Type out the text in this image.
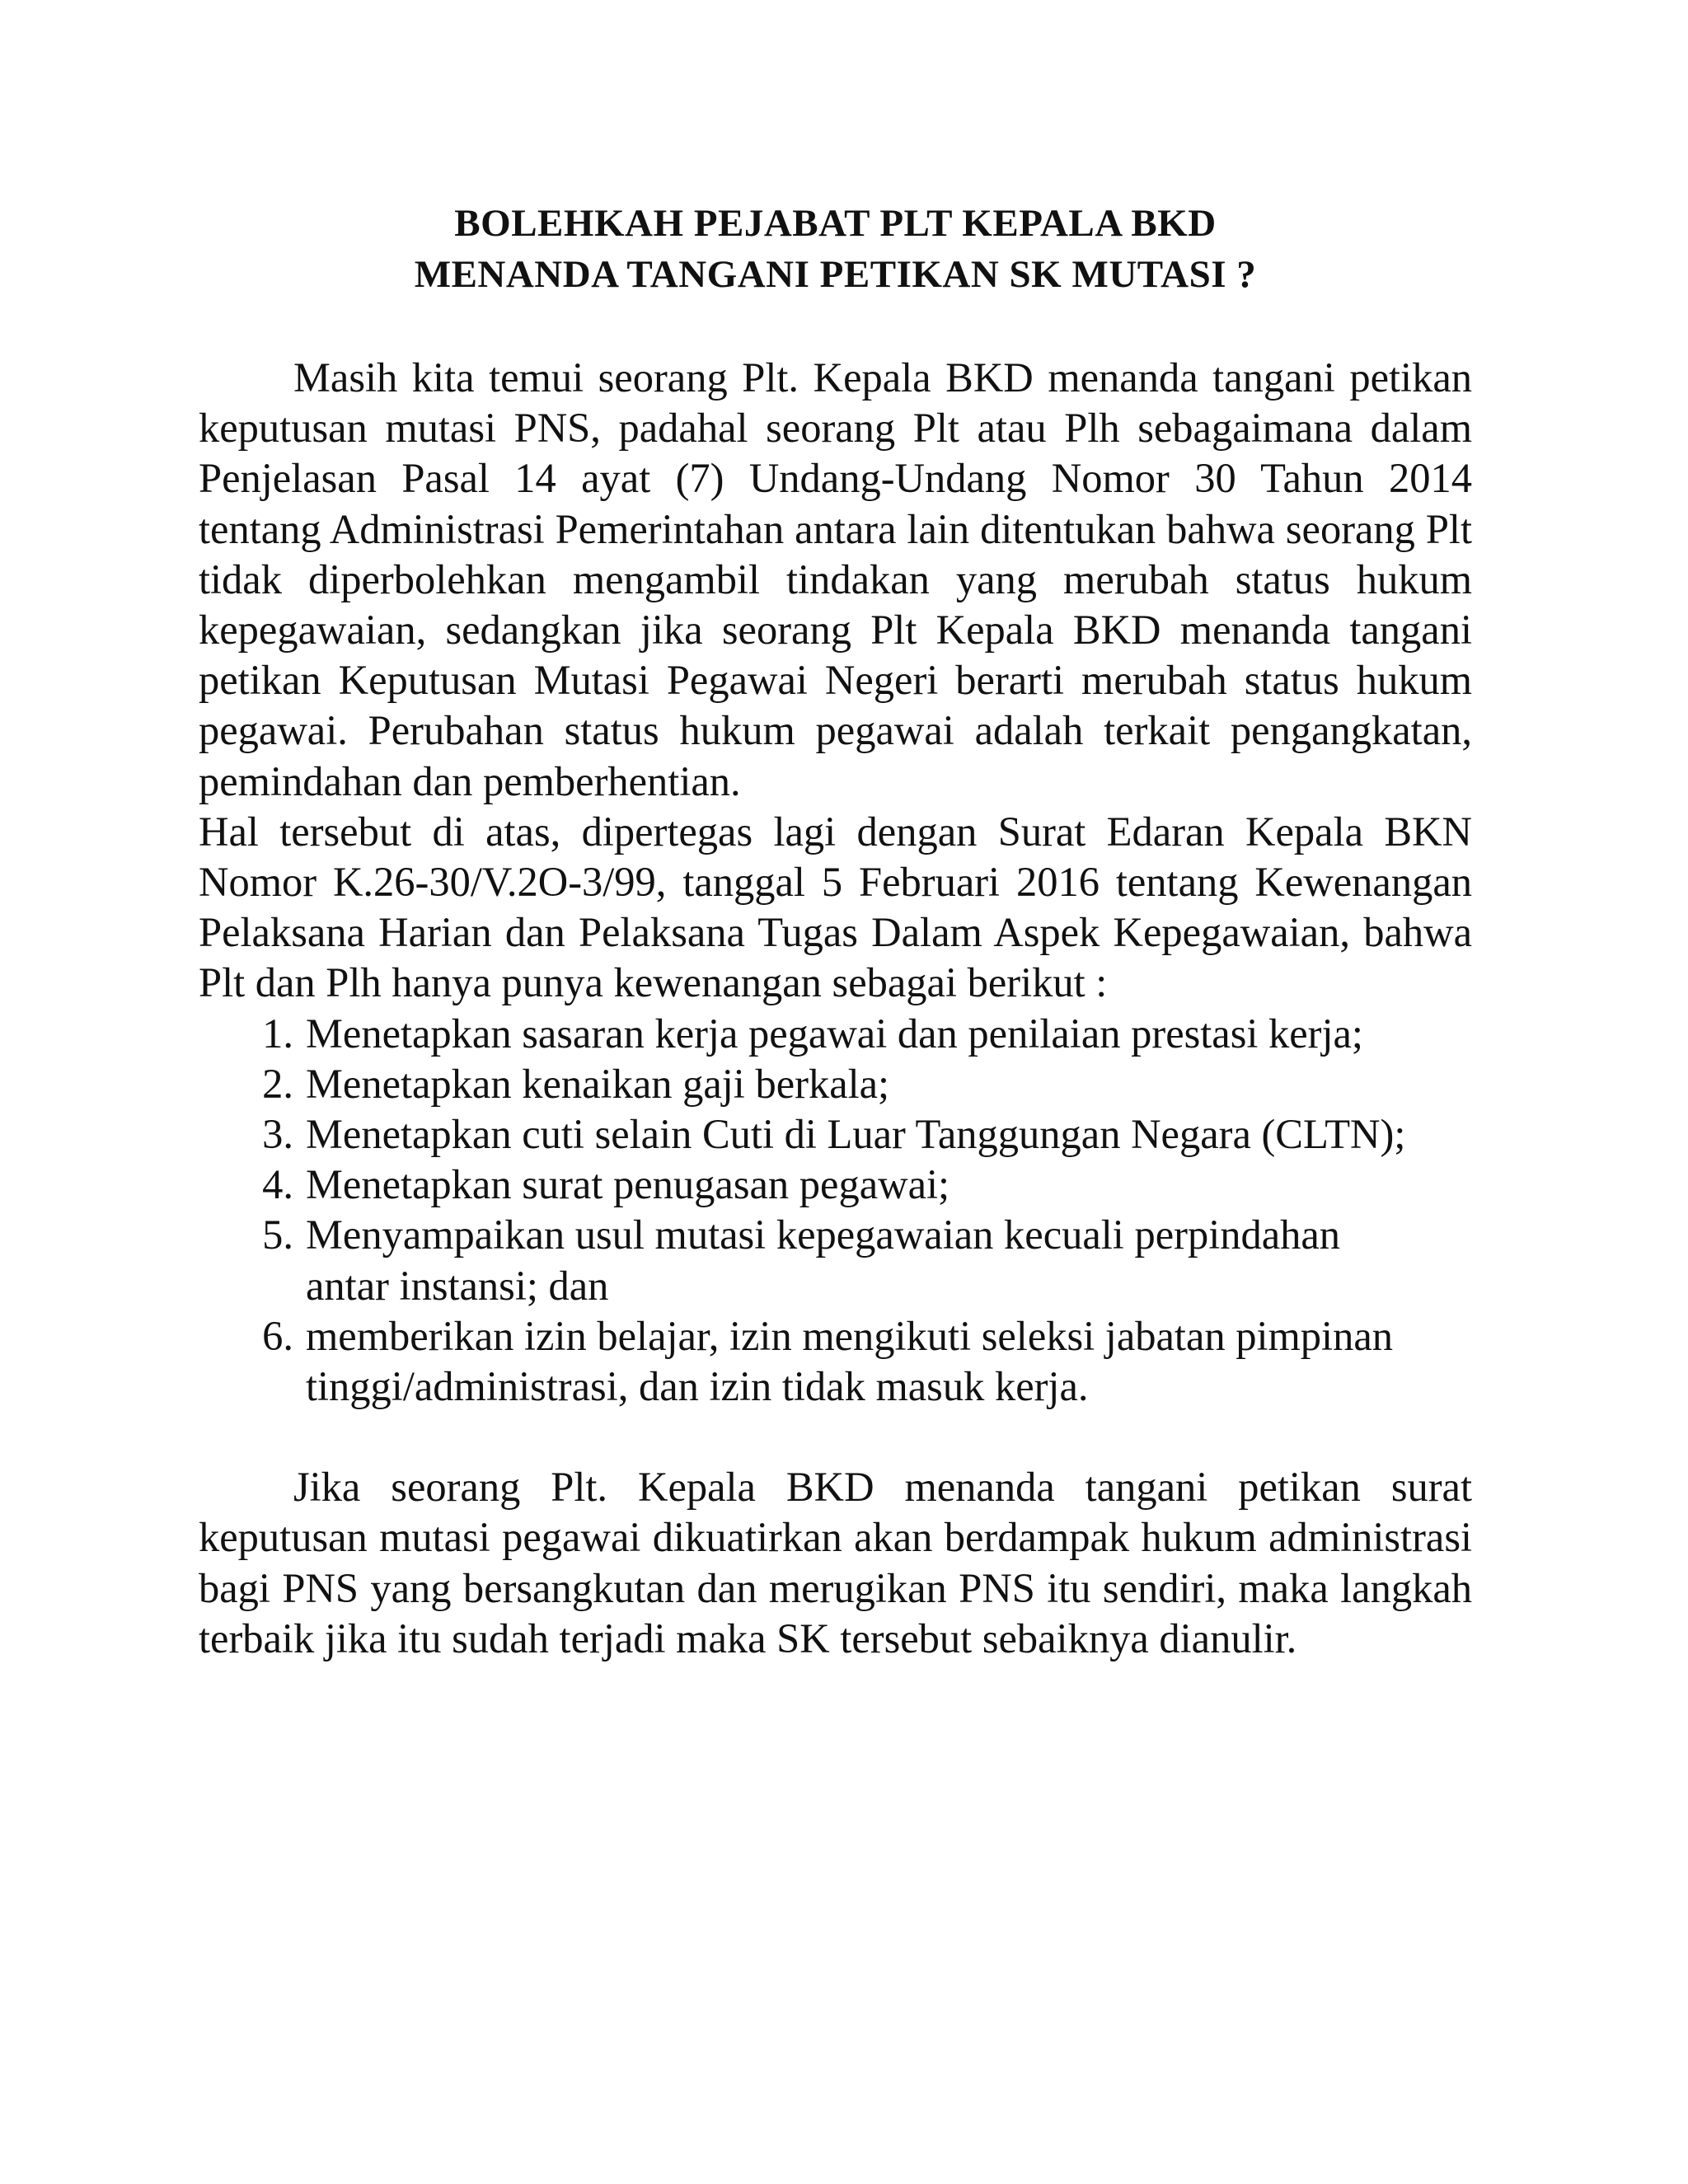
BOLEHKAH PEJABAT PLT KEPALA BKD
MENANDA TANGANI PETIKAN SK MUTASI ?

Masih kita temui seorang Plt. Kepala BKD menanda tangani petikan keputusan mutasi PNS, padahal seorang Plt atau Plh sebagaimana dalam Penjelasan Pasal 14 ayat (7) Undang-Undang Nomor 30 Tahun 2014 tentang Administrasi Pemerintahan antara lain ditentukan bahwa seorang Plt tidak diperbolehkan mengambil tindakan yang merubah status hukum kepegawaian, sedangkan jika seorang Plt Kepala BKD menanda tangani petikan Keputusan Mutasi Pegawai Negeri berarti merubah status hukum pegawai. Perubahan status hukum pegawai adalah terkait pengangkatan, pemindahan dan pemberhentian.

Hal tersebut di atas, dipertegas lagi dengan Surat Edaran Kepala BKN Nomor K.26-30/V.2O-3/99, tanggal 5 Februari 2016 tentang Kewenangan Pelaksana Harian dan Pelaksana Tugas Dalam Aspek Kepegawaian, bahwa Plt dan Plh hanya punya kewenangan sebagai berikut :

1. Menetapkan sasaran kerja pegawai dan penilaian prestasi kerja;
2. Menetapkan kenaikan gaji berkala;
3. Menetapkan cuti selain Cuti di Luar Tanggungan Negara (CLTN);
4. Menetapkan surat penugasan pegawai;
5. Menyampaikan usul mutasi kepegawaian kecuali perpindahan antar instansi; dan
6. memberikan izin belajar, izin mengikuti seleksi jabatan pimpinan tinggi/administrasi, dan izin tidak masuk kerja.

Jika seorang Plt. Kepala BKD menanda tangani petikan surat keputusan mutasi pegawai dikuatirkan akan berdampak hukum administrasi bagi PNS yang bersangkutan dan merugikan PNS itu sendiri, maka langkah terbaik jika itu sudah terjadi maka SK tersebut sebaiknya dianulir.
